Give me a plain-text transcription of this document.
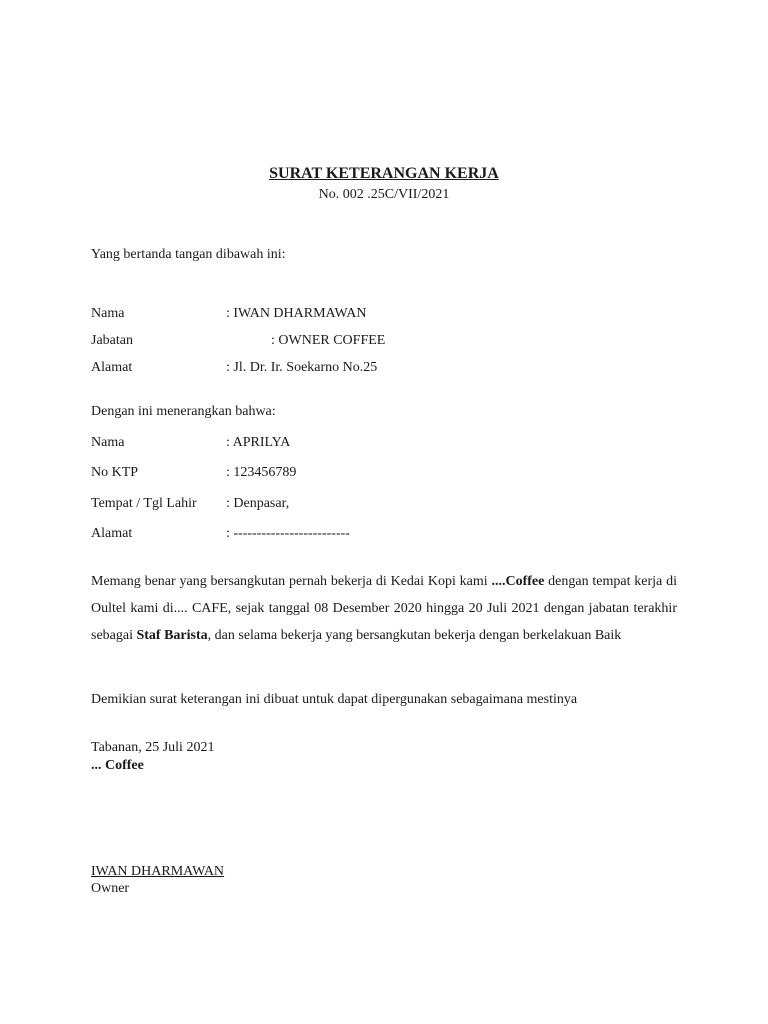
SURAT KETERANGAN KERJA
No. 002 .25C/VII/2021
Yang bertanda tangan dibawah ini:
Nama	: IWAN DHARMAWAN
Jabatan	: OWNER COFFEE
Alamat	: Jl. Dr. Ir. Soekarno No.25
Dengan ini menerangkan bahwa:
Nama	: APRILYA
No KTP	: 123456789
Tempat / Tgl Lahir : Denpasar,
Alamat	: -------------------------
Memang benar yang bersangkutan pernah bekerja di Kedai Kopi kami ....Coffee dengan tempat kerja di Oultel kami di.... CAFE, sejak tanggal 08 Desember 2020 hingga 20 Juli 2021 dengan jabatan terakhir sebagai Staf Barista, dan selama bekerja yang bersangkutan bekerja dengan berkelakuan Baik
Demikian surat keterangan ini dibuat untuk dapat dipergunakan sebagaimana mestinya
Tabanan, 25 Juli 2021
... Coffee
IWAN DHARMAWAN
Owner
